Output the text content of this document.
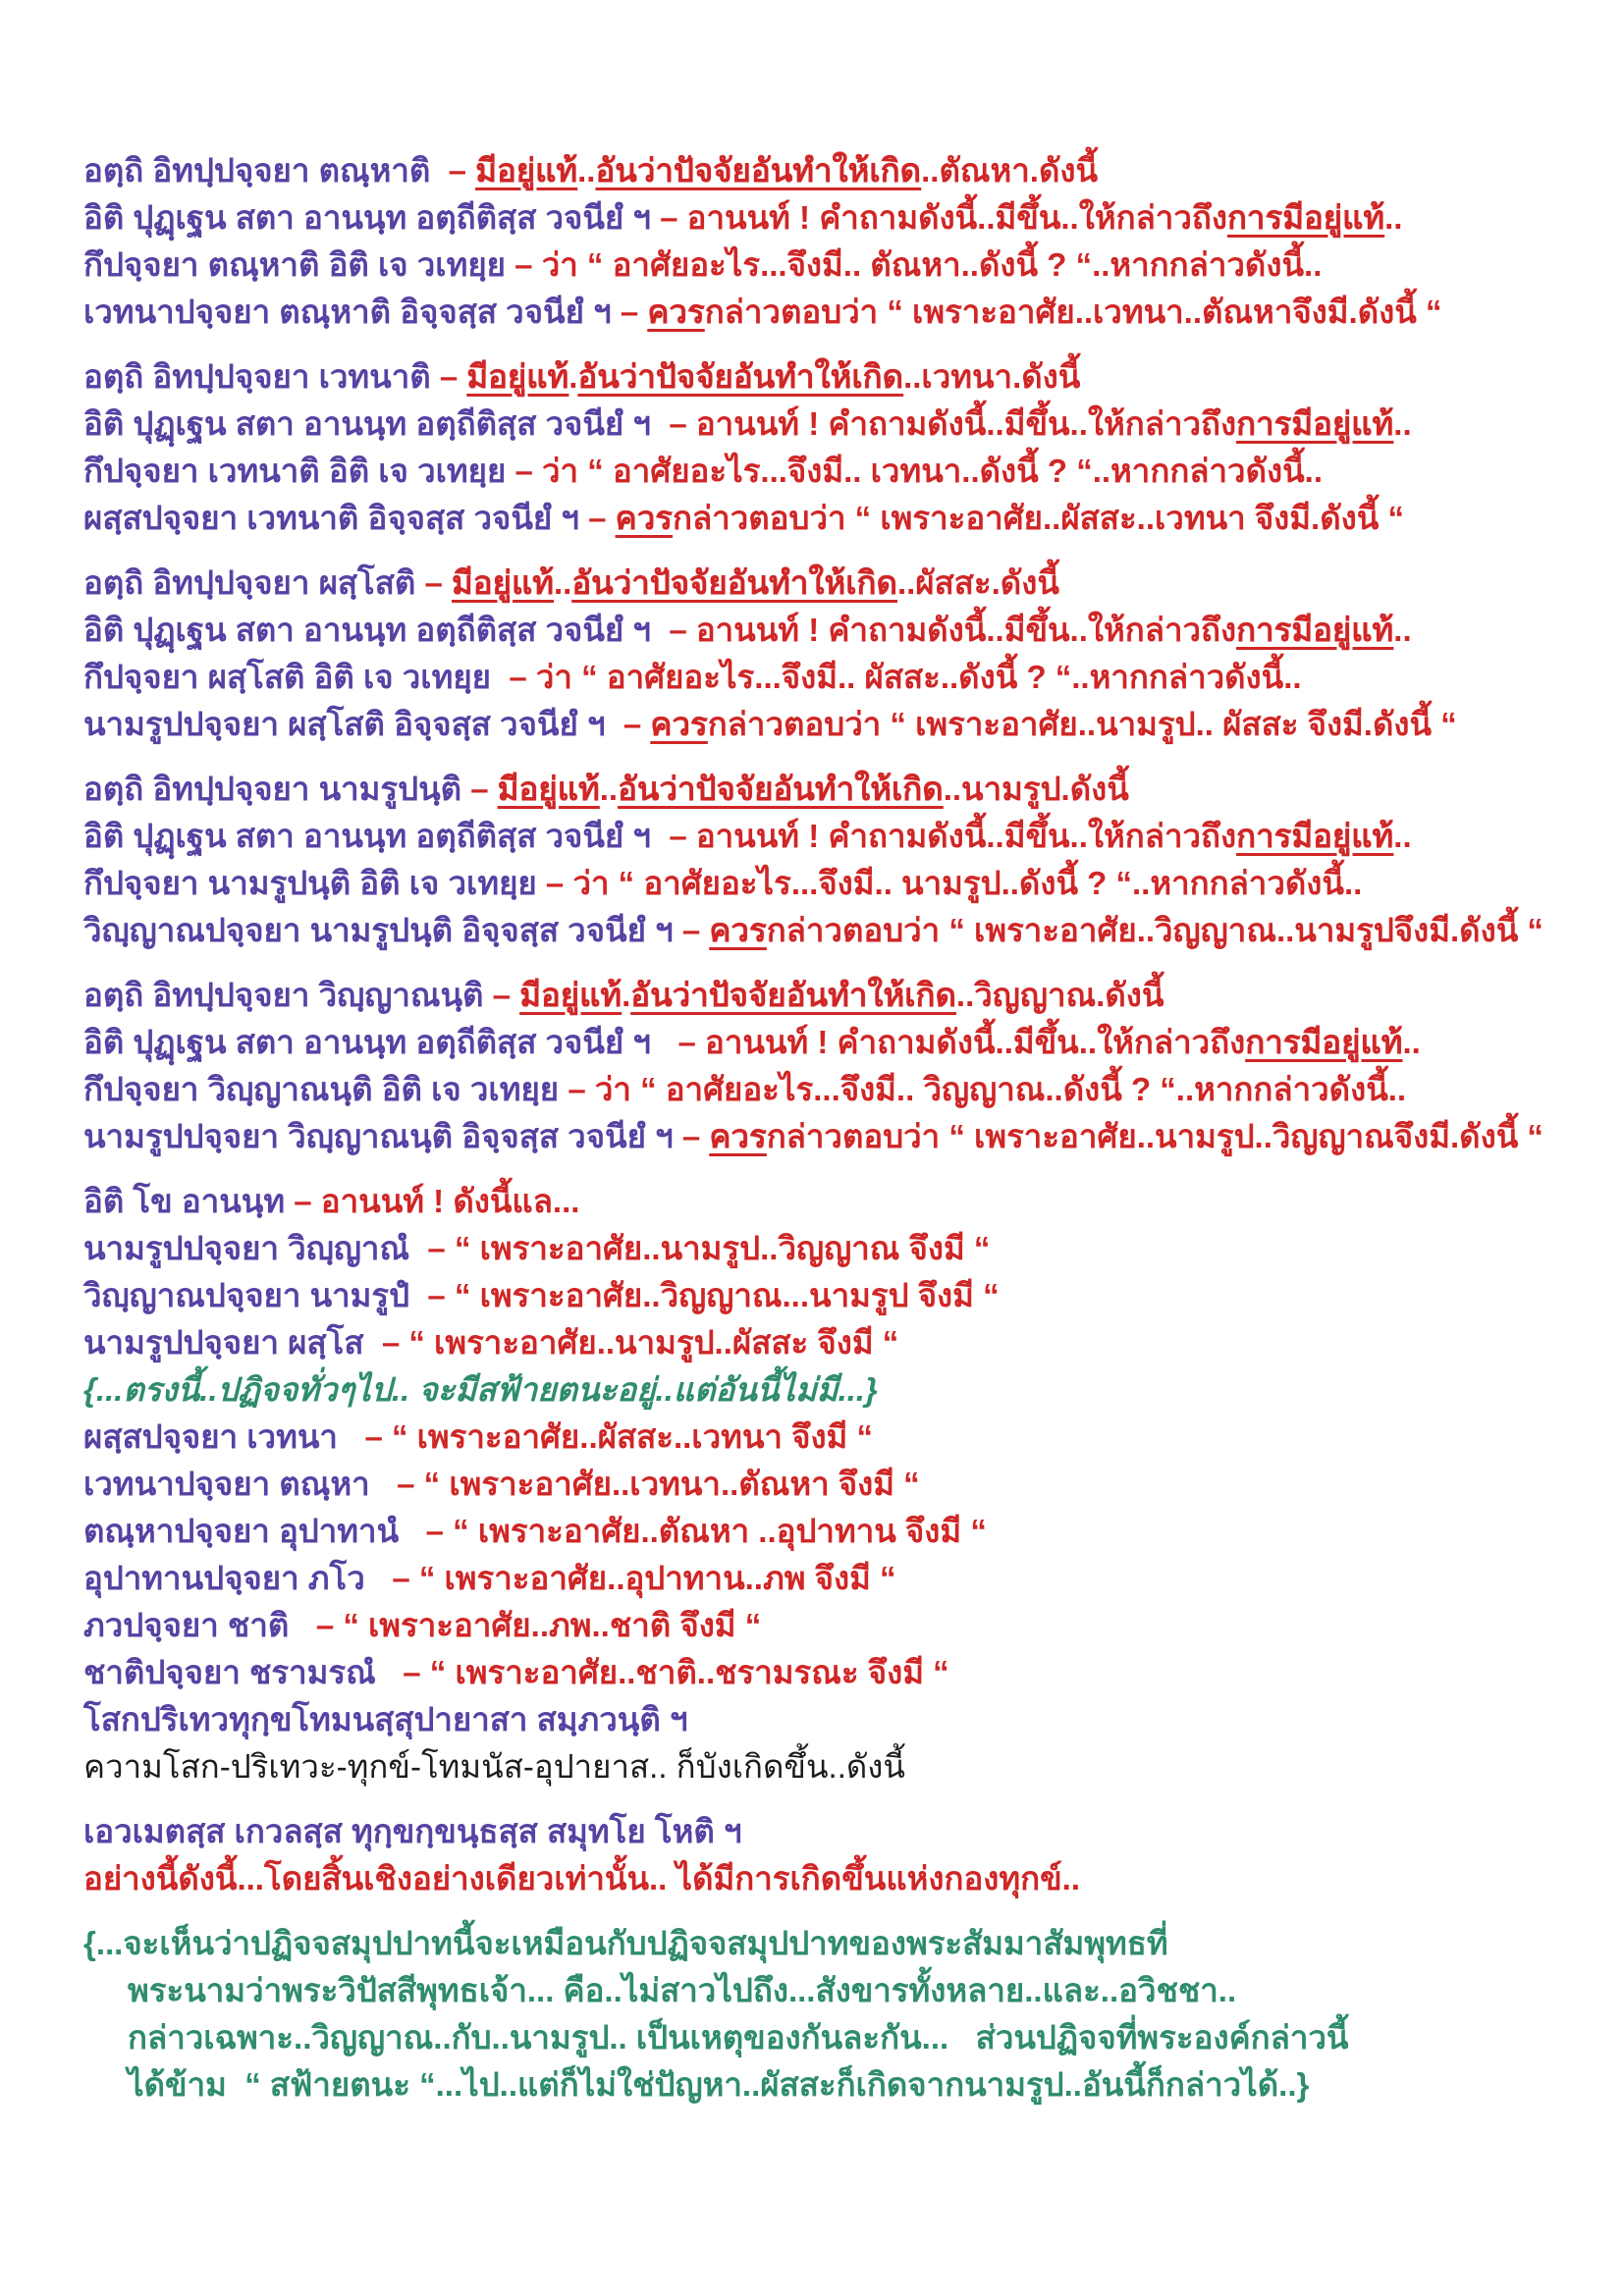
อตฺถิ อิทปฺปจฺจยา ตณฺหาติ  – มีอยู่แท้..อันว่าปัจจัยอันทำให้เกิด..ตัณหา.ดังนี้
อิติ ปุฏฺเฐน สตา อานนฺท อตฺถีติสฺส วจนียํ ฯ – อานนท์ ! คำถามดังนี้..มีขึ้น..ให้กล่าวถึงการมีอยู่แท้..
กึปจฺจยา ตณฺหาติ อิติ เจ วเทยฺย – ว่า “ อาศัยอะไร...จึงมี.. ตัณหา..ดังนี้ ? “..หากกล่าวดังนี้..
เวทนาปจฺจยา ตณฺหาติ อิจฺจสฺส วจนียํ ฯ – ควรกล่าวตอบว่า “ เพราะอาศัย..เวทนา..ตัณหาจึงมี.ดังนี้ “
อตฺถิ อิทปฺปจฺจยา เวทนาติ – มีอยู่แท้.อันว่าปัจจัยอันทำให้เกิด..เวทนา.ดังนี้
อิติ ปุฏฺเฐน สตา อานนฺท อตฺถีติสฺส วจนียํ ฯ  – อานนท์ ! คำถามดังนี้..มีขึ้น..ให้กล่าวถึงการมีอยู่แท้..
กึปจฺจยา เวทนาติ อิติ เจ วเทยฺย – ว่า “ อาศัยอะไร...จึงมี.. เวทนา..ดังนี้ ? “..หากกล่าวดังนี้..
ผสฺสปจฺจยา เวทนาติ อิจฺจสฺส วจนียํ ฯ – ควรกล่าวตอบว่า “ เพราะอาศัย..ผัสสะ..เวทนา จึงมี.ดังนี้ “
อตฺถิ อิทปฺปจฺจยา ผสฺโสติ – มีอยู่แท้..อันว่าปัจจัยอันทำให้เกิด..ผัสสะ.ดังนี้
อิติ ปุฏฺเฐน สตา อานนฺท อตฺถีติสฺส วจนียํ ฯ  – อานนท์ ! คำถามดังนี้..มีขึ้น..ให้กล่าวถึงการมีอยู่แท้..
กึปจฺจยา ผสฺโสติ อิติ เจ วเทยฺย  – ว่า “ อาศัยอะไร...จึงมี.. ผัสสะ..ดังนี้ ? “..หากกล่าวดังนี้..
นามรูปปจฺจยา ผสฺโสติ อิจฺจสฺส วจนียํ ฯ  – ควรกล่าวตอบว่า “ เพราะอาศัย..นามรูป.. ผัสสะ จึงมี.ดังนี้ “
อตฺถิ อิทปฺปจฺจยา นามรูปนฺติ – มีอยู่แท้..อันว่าปัจจัยอันทำให้เกิด..นามรูป.ดังนี้
อิติ ปุฏฺเฐน สตา อานนฺท อตฺถีติสฺส วจนียํ ฯ  – อานนท์ ! คำถามดังนี้..มีขึ้น..ให้กล่าวถึงการมีอยู่แท้..
กึปจฺจยา นามรูปนฺติ อิติ เจ วเทยฺย – ว่า “ อาศัยอะไร...จึงมี.. นามรูป..ดังนี้ ? “..หากกล่าวดังนี้..
วิญฺญาณปจฺจยา นามรูปนฺติ อิจฺจสฺส วจนียํ ฯ – ควรกล่าวตอบว่า “ เพราะอาศัย..วิญญาณ..นามรูปจึงมี.ดังนี้ “
อตฺถิ อิทปฺปจฺจยา วิญฺญาณนฺติ – มีอยู่แท้.อันว่าปัจจัยอันทำให้เกิด..วิญญาณ.ดังนี้
อิติ ปุฏฺเฐน สตา อานนฺท อตฺถีติสฺส วจนียํ ฯ   – อานนท์ ! คำถามดังนี้..มีขึ้น..ให้กล่าวถึงการมีอยู่แท้..
กึปจฺจยา วิญฺญาณนฺติ อิติ เจ วเทยฺย – ว่า “ อาศัยอะไร...จึงมี.. วิญญาณ..ดังนี้ ? “..หากกล่าวดังนี้..
นามรูปปจฺจยา วิญฺญาณนฺติ อิจฺจสฺส วจนียํ ฯ – ควรกล่าวตอบว่า “ เพราะอาศัย..นามรูป..วิญญาณจึงมี.ดังนี้ “
อิติ โข อานนฺท – อานนท์ ! ดังนี้แล...
นามรูปปจฺจยา วิญฺญาณํ  – “ เพราะอาศัย..นามรูป..วิญญาณ จึงมี “
วิญฺญาณปจฺจยา นามรูปํ  – “ เพราะอาศัย..วิญญาณ...นามรูป จึงมี “
นามรูปปจฺจยา ผสฺโส  – “ เพราะอาศัย..นามรูป..ผัสสะ จึงมี “
{...ตรงนี้..ปฏิจจทั่วๆไป.. จะมีสฟ้ายตนะอยู่..แต่อันนี้ไม่มี...}
ผสฺสปจฺจยา เวทนา   – “ เพราะอาศัย..ผัสสะ..เวทนา จึงมี “
เวทนาปจฺจยา ตณฺหา   – “ เพราะอาศัย..เวทนา..ตัณหา จึงมี “
ตณฺหาปจฺจยา อุปาทานํ   – “ เพราะอาศัย..ตัณหา ..อุปาทาน จึงมี “
อุปาทานปจฺจยา ภโว   – “ เพราะอาศัย..อุปาทาน..ภพ จึงมี “
ภวปจฺจยา ชาติ   – “ เพราะอาศัย..ภพ..ชาติ จึงมี “
ชาติปจฺจยา ชรามรณํ   – “ เพราะอาศัย..ชาติ..ชรามรณะ จึงมี “
โสกปริเทวทุกฺขโทมนสฺสุปายาสา สมฺภวนฺติ ฯ
ความโสก-ปริเทวะ-ทุกข์-โทมนัส-อุปายาส.. ก็บังเกิดขึ้น..ดังนี้
เอวเมตสฺส เกวลสฺส ทุกฺขกฺขนฺธสฺส สมุทโย โหติ ฯ
อย่างนี้ดังนี้...โดยสิ้นเชิงอย่างเดียวเท่านั้น.. ได้มีการเกิดขึ้นแห่งกองทุกข์..
{...จะเห็นว่าปฏิจจสมุปปาทนี้จะเหมือนกับปฏิจจสมุปปาทของพระสัมมาสัมพุทธที่
พระนามว่าพระวิปัสสีพุทธเจ้า... คือ..ไม่สาวไปถึง...สังขารทั้งหลาย..และ..อวิชชา..
กล่าวเฉพาะ..วิญญาณ..กับ..นามรูป.. เป็นเหตุของกันละกัน...   ส่วนปฏิจจที่พระองค์กล่าวนี้
ได้ข้าม  “ สฟ้ายตนะ “...ไป..แต่ก็ไม่ใช่ปัญหา..ผัสสะก็เกิดจากนามรูป..อันนี้ก็กล่าวได้..}
